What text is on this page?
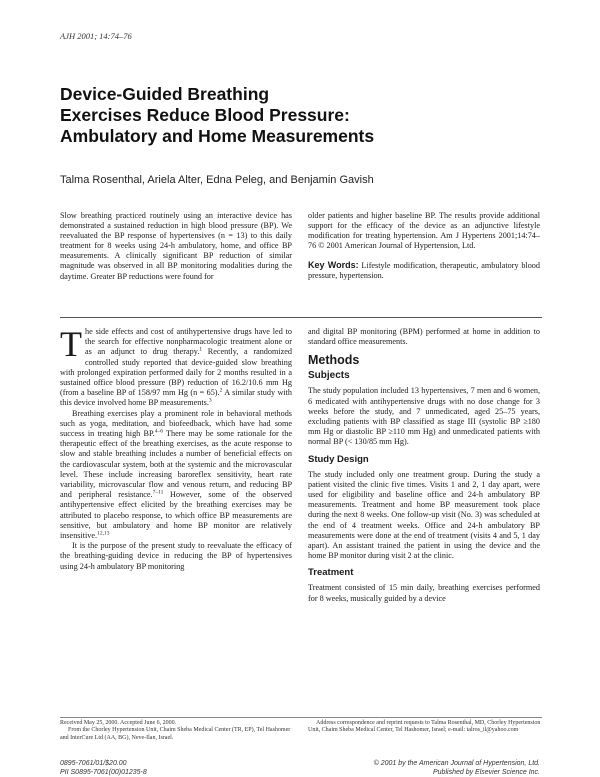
AJH 2001; 14:74–76
Device-Guided Breathing
Exercises Reduce Blood Pressure:
Ambulatory and Home Measurements
Talma Rosenthal, Ariela Alter, Edna Peleg, and Benjamin Gavish
Slow breathing practiced routinely using an interactive device has demonstrated a sustained reduction in high blood pressure (BP). We reevaluated the BP response of hypertensives (n = 13) to this daily treatment for 8 weeks using 24-h ambulatory, home, and office BP measurements. A clinically significant BP reduction of similar magnitude was observed in all BP monitoring modalities during the daytime. Greater BP reductions were found for
older patients and higher baseline BP. The results provide additional support for the efficacy of the device as an adjunctive lifestyle modification for treating hypertension. Am J Hypertens 2001;14:74–76 © 2001 American Journal of Hypertension, Ltd.
Key Words: Lifestyle modification, therapeutic, ambulatory blood pressure, hypertension.

The side effects and cost of antihypertensive drugs have led to the search for effective nonpharmacologic treatment alone or as an adjunct to drug therapy.$^1$ Recently, a randomized controlled study reported that device-guided slow breathing with prolonged expiration performed daily for 2 months resulted in a sustained office blood pressure (BP) reduction of 16.2/10.6 mm Hg (from a baseline BP of 158/97 mm Hg (n = 65).$^2$ A similar study with this device involved home BP measurements.$^3$

Breathing exercises play a prominent role in behavioral methods such as yoga, meditation, and biofeedback, which have had some success in treating high BP.$^{4-6}$ There may be some rationale for the therapeutic effect of the breathing exercises, as the acute response to slow and stable breathing includes a number of beneficial effects on the cardiovascular system, both at the systemic and the microvascular level. These include increasing baroreflex sensitivity, heart rate variability, microvascular flow and venous return, and reducing BP and peripheral resistance.$^{7-11}$ However, some of the observed antihypertensive effect elicited by the breathing exercises may be attributed to placebo response, to which office BP measurements are sensitive, but ambulatory and home BP monitor are relatively insensitive.$^{12,13}$

It is the purpose of the present study to reevaluate the efficacy of the breathing-guiding device in reducing the BP of hypertensives using 24-h ambulatory BP monitoring

and digital BP monitoring (BPM) performed at home in addition to standard office measurements.

Methods
Subjects

The study population included 13 hypertensives, 7 men and 6 women, 6 medicated with antihypertensive drugs with no dose change for 3 weeks before the study, and 7 unmedicated, aged 25–75 years, excluding patients with BP classified as stage III (systolic BP ≥180 mm Hg or diastolic BP ≥110 mm Hg) and unmedicated patients with normal BP (< 130/85 mm Hg).

Study Design

The study included only one treatment group. During the study a patient visited the clinic five times. Visits 1 and 2, 1 day apart, were used for eligibility and baseline office and 24-h ambulatory BP measurements. Treatment and home BP measurement took place during the next 8 weeks. One follow-up visit (No. 3) was scheduled at the end of 4 treatment weeks. Office and 24-h ambulatory BP measurements were done at the end of treatment (visits 4 and 5, 1 day apart). An assistant trained the patient in using the device and the home BP monitor during visit 2 at the clinic.

Treatment

Treatment consisted of 15 min daily, breathing exercises performed for 8 weeks, musically guided by a device

Received May 25, 2000. Accepted June 6, 2000.
From the Chorley Hypertension Unit, Chaim Sheba Medical Center (TR, EP), Tel Hashomer and InterCure Ltd (AA, BG), Neve-Ilan, Israel.
Address correspondence and reprint requests to Talma Rosenthal, MD, Chorley Hypertension Unit, Chaim Sheba Medical Center, Tel Hashomer, Israel; e-mail: talros_il@yahoo.com
0895-7061/01/$20.00
PII S0895-7061(00)01235-8
© 2001 by the American Journal of Hypertension, Ltd.
Published by Elsevier Science Inc.
